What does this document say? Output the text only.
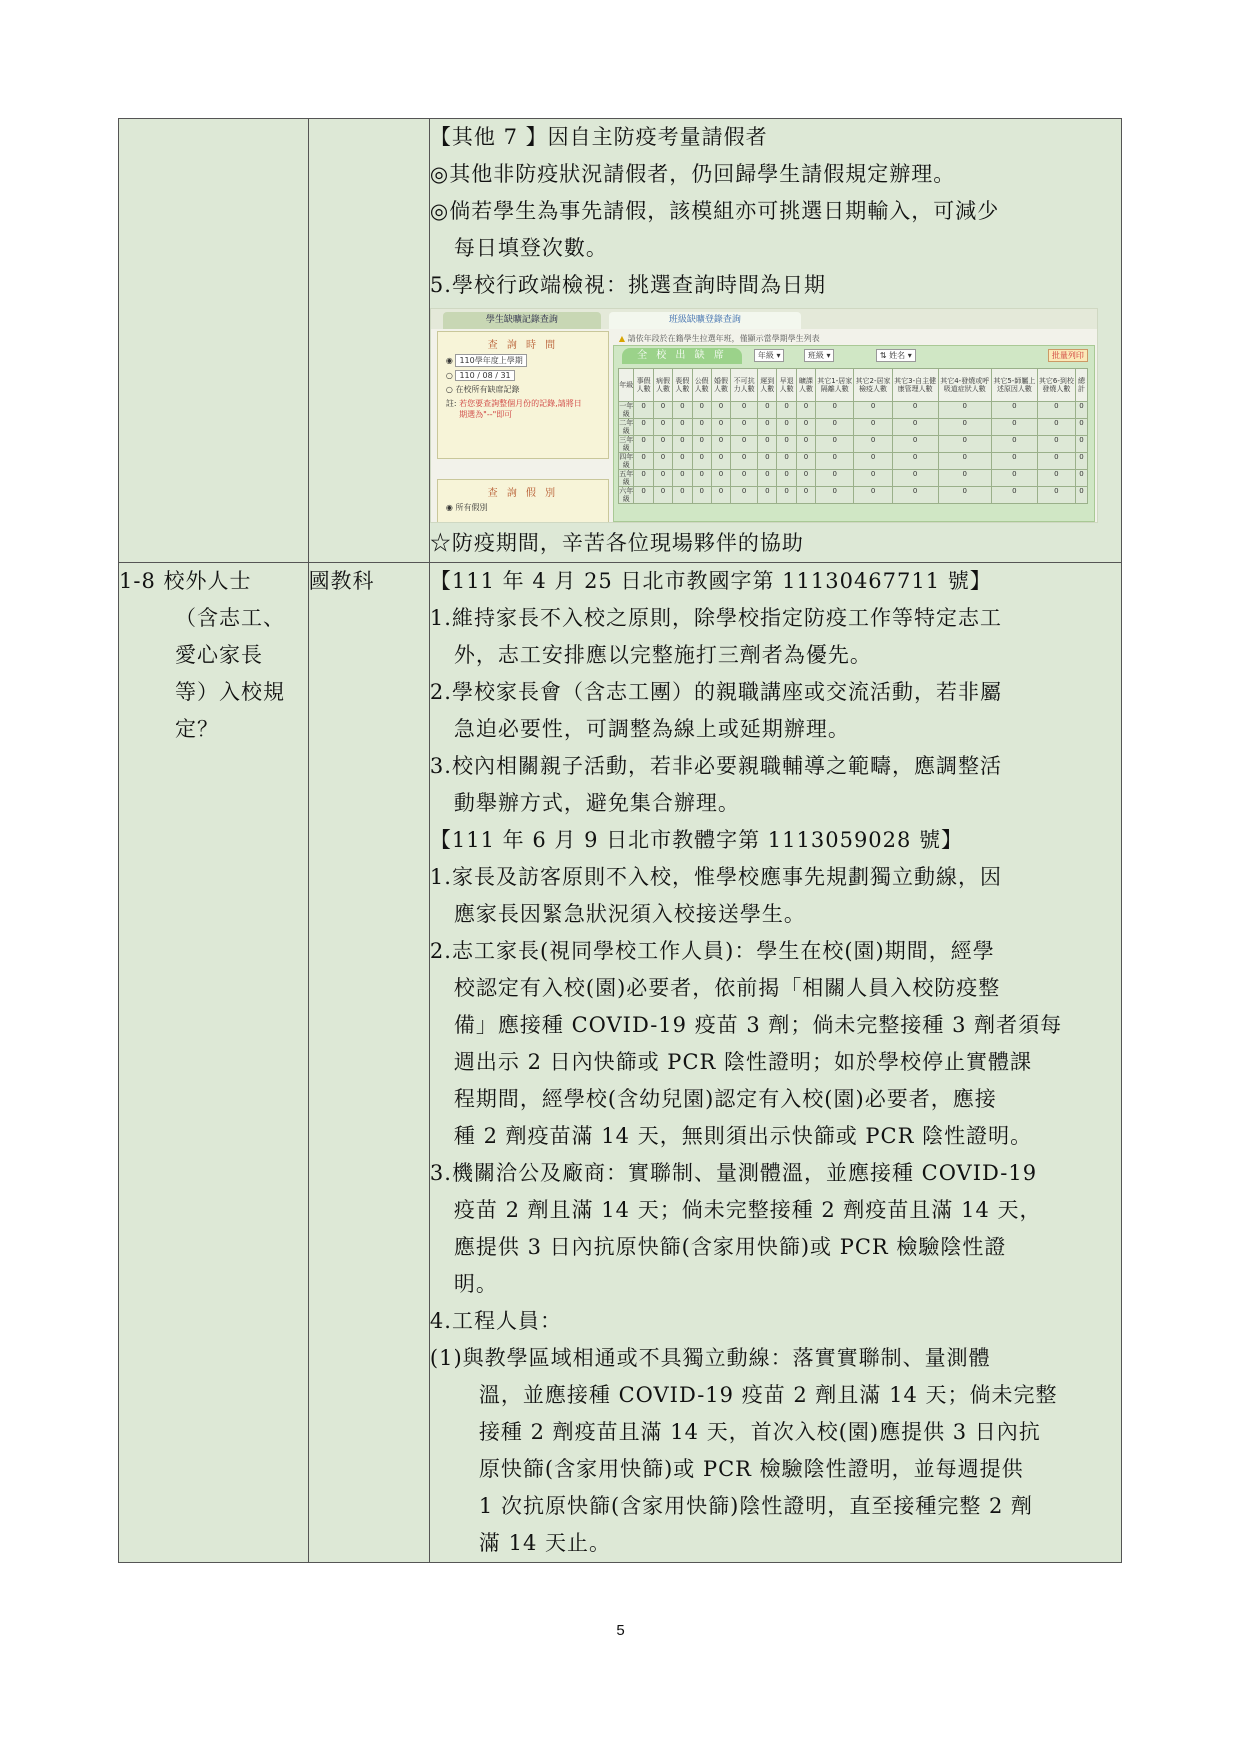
【其他 7 】因自主防疫考量請假者
◎其他非防疫狀況請假者，仍回歸學生請假規定辦理。
◎倘若學生為事先請假，該模組亦可挑選日期輸入，可減少
每日填登次數。
5.學校行政端檢視：挑選查詢時間為日期
學生缺曠記錄查詢	班級缺曠登錄查詢
查 詢 時 間
◉ 110學年度上學期
○ 110 / 08 / 31
○ 在校所有缺席記錄
註: 若您要查詢整個月份的記錄,請將日期選為"--"即可
查 詢 假 別
◉ 所有假別
▲ 請依年段於在籍學生拉選年班，僅顯示當學期學生列表
全 校 出 缺 席	年級 ▾	班級 ▾	⇅ 姓名 ▾	批量列印
年級	事假人數	病假人數	喪假人數	公假人數	婚假人數	不可抗力人數	遲到人數	早退人數	曠課人數	其它1-居家隔離人數	其它2-居家檢疫人數	其它3-自主健康管理人數	其它4-發燒或呼吸道症狀人數	其它5-師屬上述原因人數	其它6-到校發燒人數	總計
一年級	0	0	0	0	0	0	0	0	0	0	0	0	0	0	0	0
二年級	0	0	0	0	0	0	0	0	0	0	0	0	0	0	0	0
三年級	0	0	0	0	0	0	0	0	0	0	0	0	0	0	0	0
四年級	0	0	0	0	0	0	0	0	0	0	0	0	0	0	0	0
五年級	0	0	0	0	0	0	0	0	0	0	0	0	0	0	0	0
六年級	0	0	0	0	0	0	0	0	0	0	0	0	0	0	0	0
☆防疫期間，辛苦各位現場夥伴的協助

1-8 校外人士
（含志工、
愛心家長
等）入校規
定？

國教科	【111 年 4 月 25 日北市教國字第 11130467711 號】
1.維持家長不入校之原則，除學校指定防疫工作等特定志工
外，志工安排應以完整施打三劑者為優先。
2.學校家長會（含志工團）的親職講座或交流活動，若非屬
急迫必要性，可調整為線上或延期辦理。
3.校內相關親子活動，若非必要親職輔導之範疇，應調整活
動舉辦方式，避免集合辦理。
【111 年 6 月 9 日北市教體字第 1113059028 號】
1.家長及訪客原則不入校，惟學校應事先規劃獨立動線，因
應家長因緊急狀況須入校接送學生。
2.志工家長(視同學校工作人員)：學生在校(園)期間，經學
校認定有入校(園)必要者，依前揭「相關人員入校防疫整
備」應接種 COVID-19 疫苗 3 劑；倘未完整接種 3 劑者須每
週出示 2 日內快篩或 PCR 陰性證明；如於學校停止實體課
程期間，經學校(含幼兒園)認定有入校(園)必要者，應接
種 2 劑疫苗滿 14 天，無則須出示快篩或 PCR 陰性證明。
3.機關洽公及廠商：實聯制、量測體溫，並應接種 COVID-19
疫苗 2 劑且滿 14 天；倘未完整接種 2 劑疫苗且滿 14 天，
應提供 3 日內抗原快篩(含家用快篩)或 PCR 檢驗陰性證
明。
4.工程人員：
(1)與教學區域相通或不具獨立動線：落實實聯制、量測體
溫，並應接種 COVID-19 疫苗 2 劑且滿 14 天；倘未完整
接種 2 劑疫苗且滿 14 天，首次入校(園)應提供 3 日內抗
原快篩(含家用快篩)或 PCR 檢驗陰性證明，並每週提供
1 次抗原快篩(含家用快篩)陰性證明，直至接種完整 2 劑
滿 14 天止。
5
